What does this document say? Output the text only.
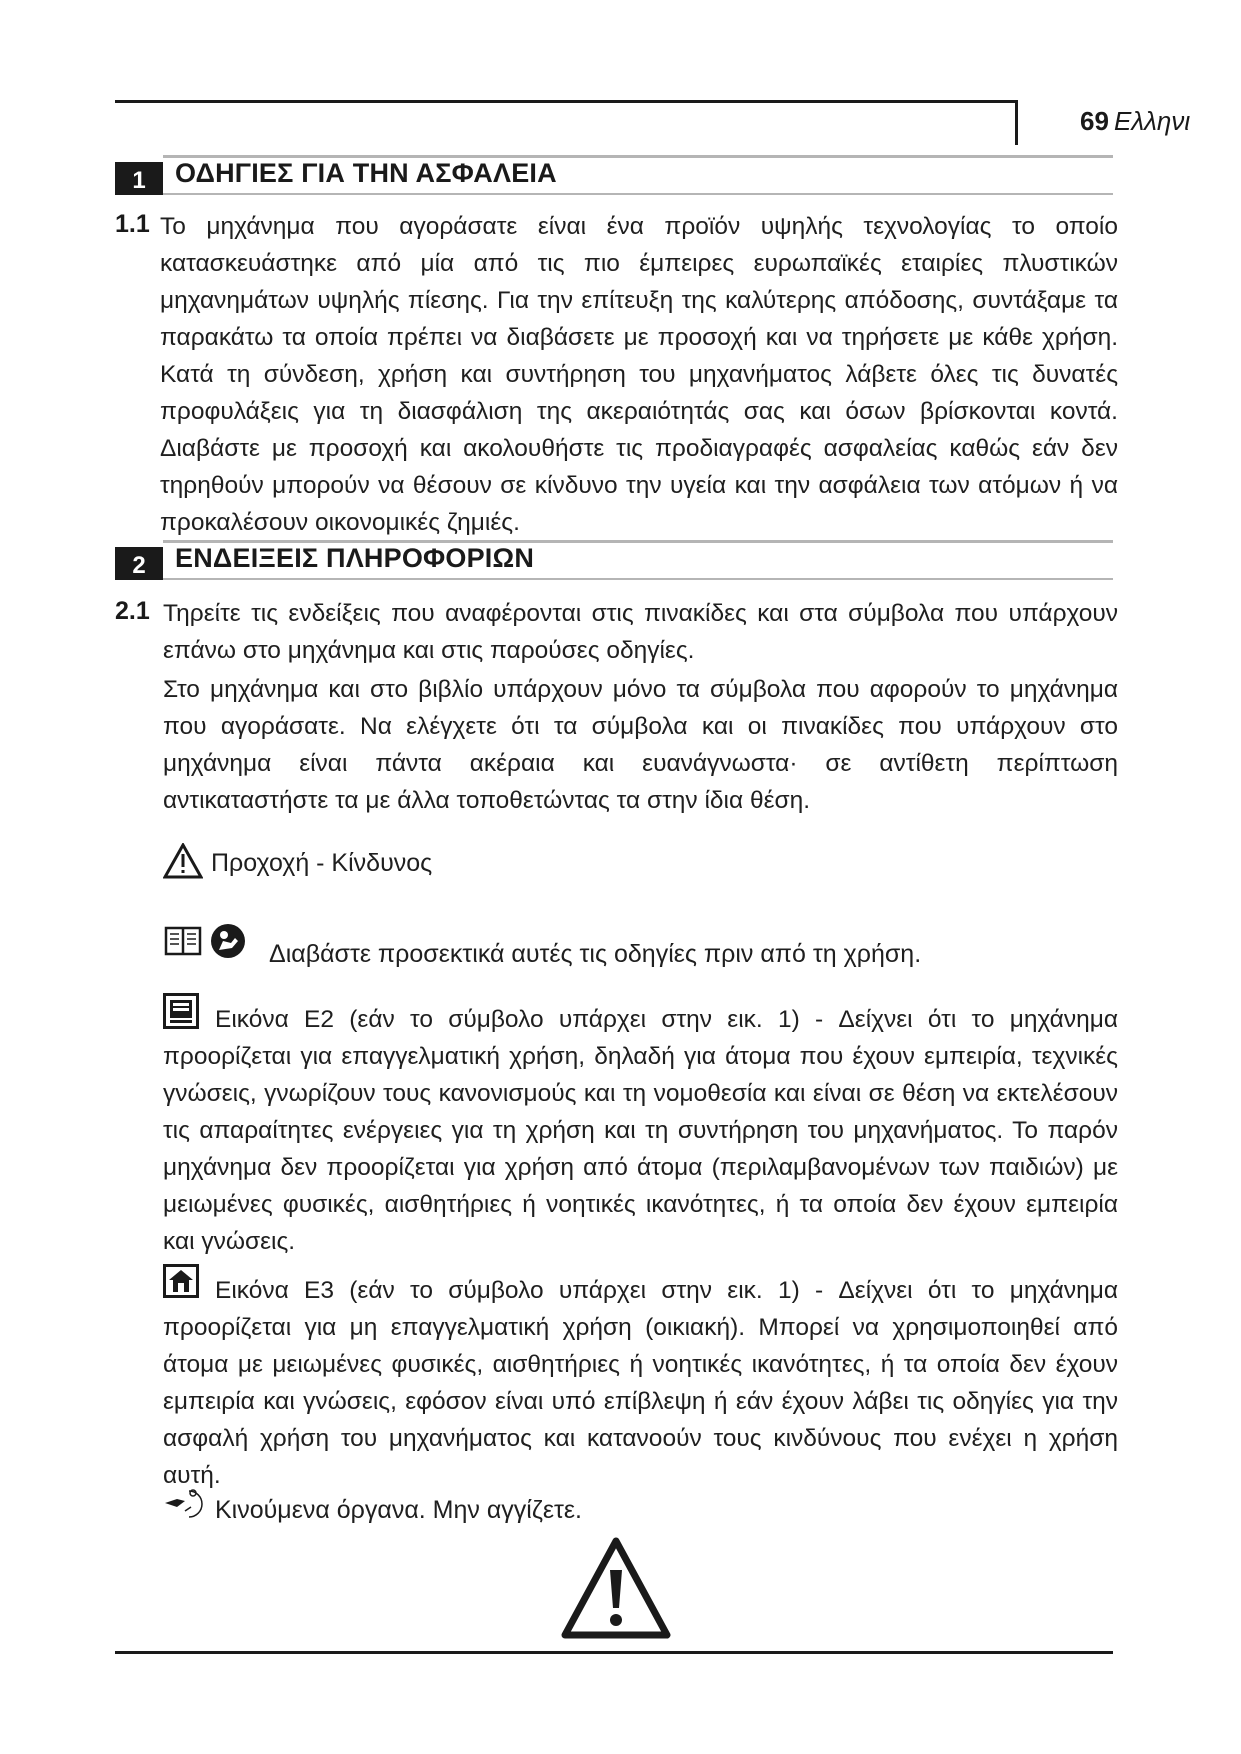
69 Ελληνι
1	ΟΔΗΓΙΕΣ ΓΙΑ ΤΗΝ ΑΣΦΑΛΕΙΑ
1.1 Το μηχάνημα που αγοράσατε είναι ένα προϊόν υψηλής τεχνολογίας το οποίο κατασκευάστηκε από μία από τις πιο έμπειρες ευρωπαϊκές εταιρίες πλυστικών μηχανημάτων υψηλής πίεσης. Για την επίτευξη της καλύτερης απόδοσης, συντάξαμε τα παρακάτω τα οποία πρέπει να διαβάσετε με προσοχή και να τηρήσετε με κάθε χρήση. Κατά τη σύνδεση, χρήση και συντήρηση του μηχανήματος λάβετε όλες τις δυνατές προφυλάξεις για τη διασφάλιση της ακεραιότητάς σας και όσων βρίσκονται κοντά. Διαβάστε με προσοχή και ακολουθήστε τις προδιαγραφές ασφαλείας καθώς εάν δεν τηρηθούν μπορούν να θέσουν σε κίνδυνο την υγεία και την ασφάλεια των ατόμων ή να προκαλέσουν οικονομικές ζημιές.
2	ΕΝΔΕΙΞΕΙΣ ΠΛΗΡΟΦΟΡΙΩΝ
2.1 Τηρείτε τις ενδείξεις που αναφέρονται στις πινακίδες και στα σύμβολα που υπάρχουν επάνω στο μηχάνημα και στις παρούσες οδηγίες.
Στο μηχάνημα και στο βιβλίο υπάρχουν μόνο τα σύμβολα που αφορούν το μηχάνημα που αγοράσατε. Να ελέγχετε ότι τα σύμβολα και οι πινακίδες που υπάρχουν στο μηχάνημα είναι πάντα ακέραια και ευανάγνωστα· σε αντίθετη περίπτωση αντικαταστήστε τα με άλλα τοποθετώντας τα στην ίδια θέση.
Προχοχή - Κίνδυνος
Διαβάστε προσεκτικά αυτές τις οδηγίες πριν από τη χρήση.
Εικόνα E2 (εάν το σύμβολο υπάρχει στην εικ. 1) - Δείχνει ότι το μηχάνημα προορίζεται για επαγγελματική χρήση, δηλαδή για άτομα που έχουν εμπειρία, τεχνικές γνώσεις, γνωρίζουν τους κανονισμούς και τη νομοθεσία και είναι σε θέση να εκτελέσουν τις απαραίτητες ενέργειες για τη χρήση και τη συντήρηση του μηχανήματος. Το παρόν μηχάνημα δεν προορίζεται για χρήση από άτομα (περιλαμβανομένων των παιδιών) με μειωμένες φυσικές, αισθητήριες ή νοητικές ικανότητες, ή τα οποία δεν έχουν εμπειρία και γνώσεις.
Εικόνα E3 (εάν το σύμβολο υπάρχει στην εικ. 1) - Δείχνει ότι το μηχάνημα προορίζεται για μη επαγγελματική χρήση (οικιακή). Μπορεί να χρησιμοποιηθεί από άτομα με μειωμένες φυσικές, αισθητήριες ή νοητικές ικανότητες, ή τα οποία δεν έχουν εμπειρία και γνώσεις, εφόσον είναι υπό επίβλεψη ή εάν έχουν λάβει τις οδηγίες για την ασφαλή χρήση του μηχανήματος και κατανοούν τους κινδύνους που ενέχει η χρήση αυτή.
Κινούμενα όργανα. Μην αγγίζετε.
